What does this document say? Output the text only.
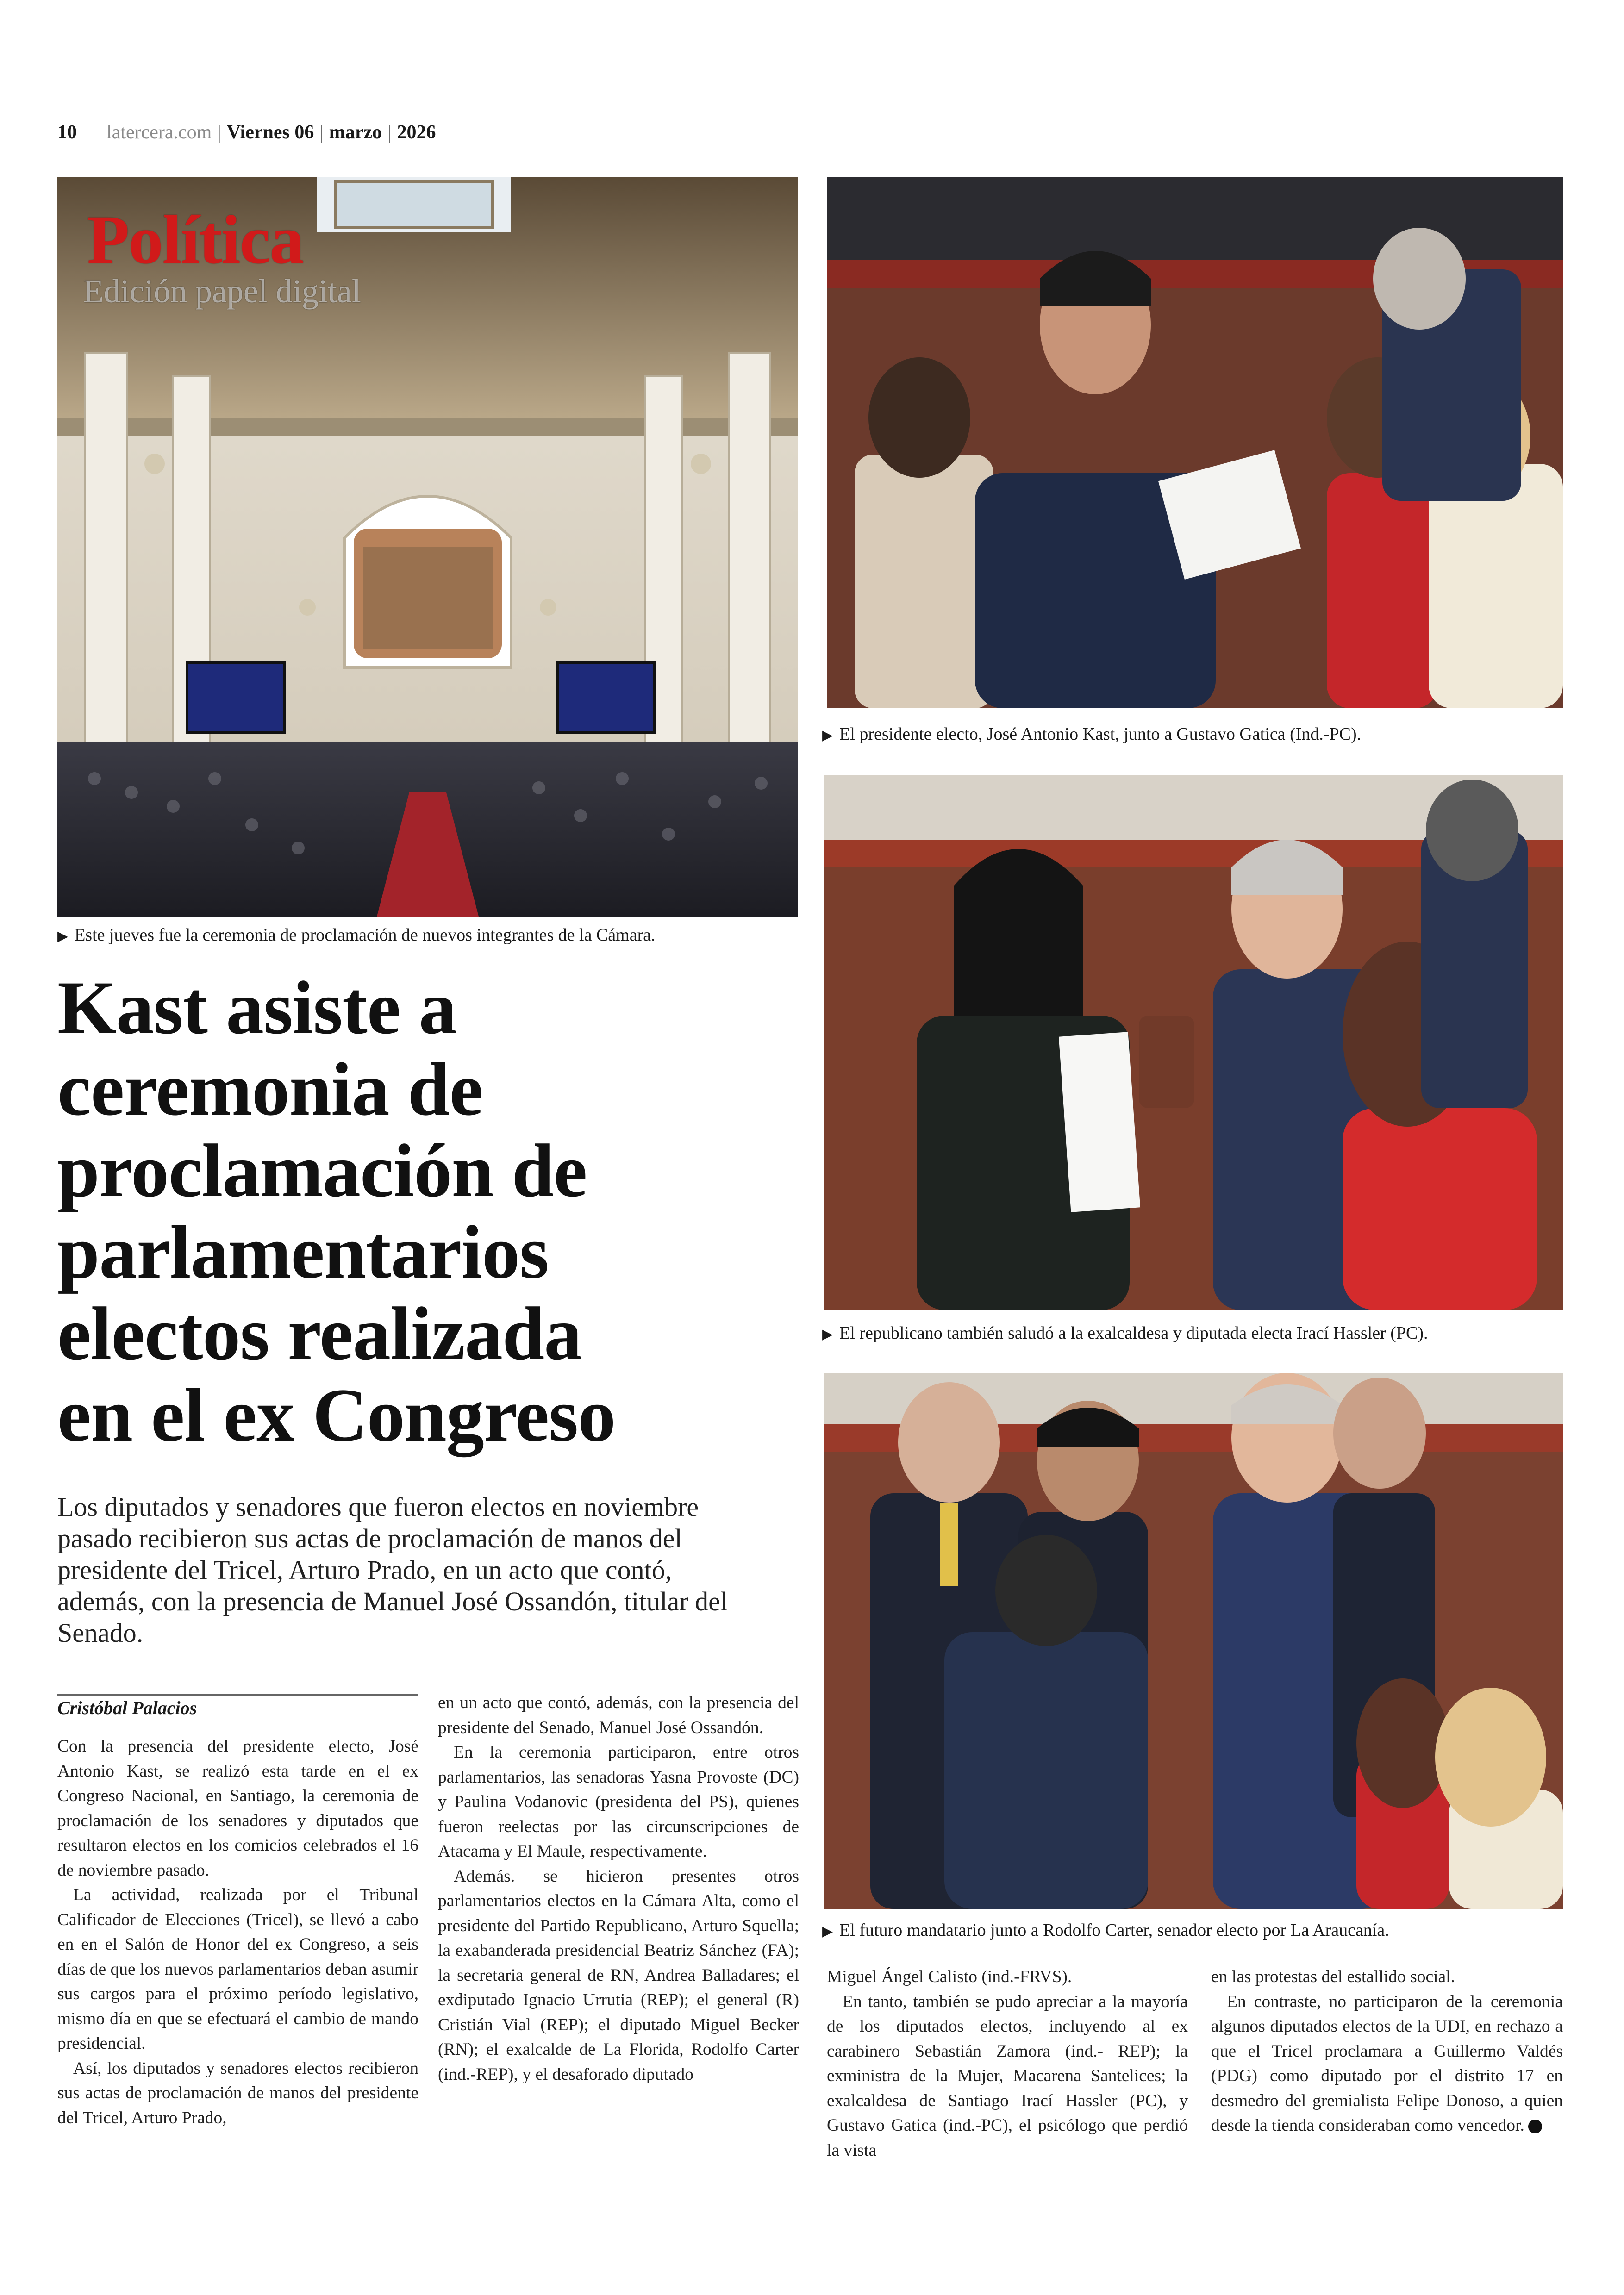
10 latercera.com | Viernes 06 | marzo | 2026
Política
Edición papel digital
▶ Este jueves fue la ceremonia de proclamación de nuevos integrantes de la Cámara.
▶ El presidente electo, José Antonio Kast, junto a Gustavo Gatica (Ind.-PC).
▶ El republicano también saludó a la exalcaldesa y diputada electa Irací Hassler (PC).
▶ El futuro mandatario junto a Rodolfo Carter, senador electo por La Araucanía.
Kast asiste a
ceremonia de
proclamación de
parlamentarios
electos realizada
en el ex Congreso
Los diputados y senadores que fueron electos en noviembre pasado recibieron sus actas de proclamación de manos del presidente del Tricel, Arturo Prado, en un acto que contó, además, con la presencia de Manuel José Ossandón, titular del Senado.
Cristóbal Palacios

Con la presencia del presidente electo, José Antonio Kast, se realizó esta tarde en el ex Congreso Nacional, en Santiago, la ceremonia de proclamación de los senadores y diputados que resultaron electos en los comicios celebrados el 16 de noviembre pasado.

La actividad, realizada por el Tribunal Calificador de Elecciones (Tricel), se llevó a cabo en en el Salón de Honor del ex Congreso, a seis días de que los nuevos parlamentarios deban asumir sus cargos para el próximo período legislativo, mismo día en que se efectuará el cambio de mando presidencial.

Así, los diputados y senadores electos recibieron sus actas de proclamación de manos del presidente del Tricel, Arturo Prado,

en un acto que contó, además, con la presencia del presidente del Senado, Manuel José Ossandón.

En la ceremonia participaron, entre otros parlamentarios, las senadoras Yasna Provoste (DC) y Paulina Vodanovic (presidenta del PS), quienes fueron reelectas por las circunscripciones de Atacama y El Maule, respectivamente.

Además. se hicieron presentes otros parlamentarios electos en la Cámara Alta, como el presidente del Partido Republicano, Arturo Squella; la exabanderada presidencial Beatriz Sánchez (FA); la secretaria general de RN, Andrea Balladares; el exdiputado Ignacio Urrutia (REP); el general (R) Cristián Vial (REP); el diputado Miguel Becker (RN); el exalcalde de La Florida, Rodolfo Carter (ind.-REP), y el desaforado diputado

Miguel Ángel Calisto (ind.-FRVS).

En tanto, también se pudo apreciar a la mayoría de los diputados electos, incluyendo al ex carabinero Sebastián Zamora (ind.- REP); la exministra de la Mujer, Macarena Santelices; la exalcaldesa de Santiago Irací Hassler (PC), y Gustavo Gatica (ind.-PC), el psicólogo que perdió la vista

en las protestas del estallido social.

En contraste, no participaron de la ceremonia algunos diputados electos de la UDI, en rechazo a que el Tricel proclamara a Guillermo Valdés (PDG) como diputado por el distrito 17 en desmedro del gremialista Felipe Donoso, a quien desde la tienda consideraban como vencedor.
